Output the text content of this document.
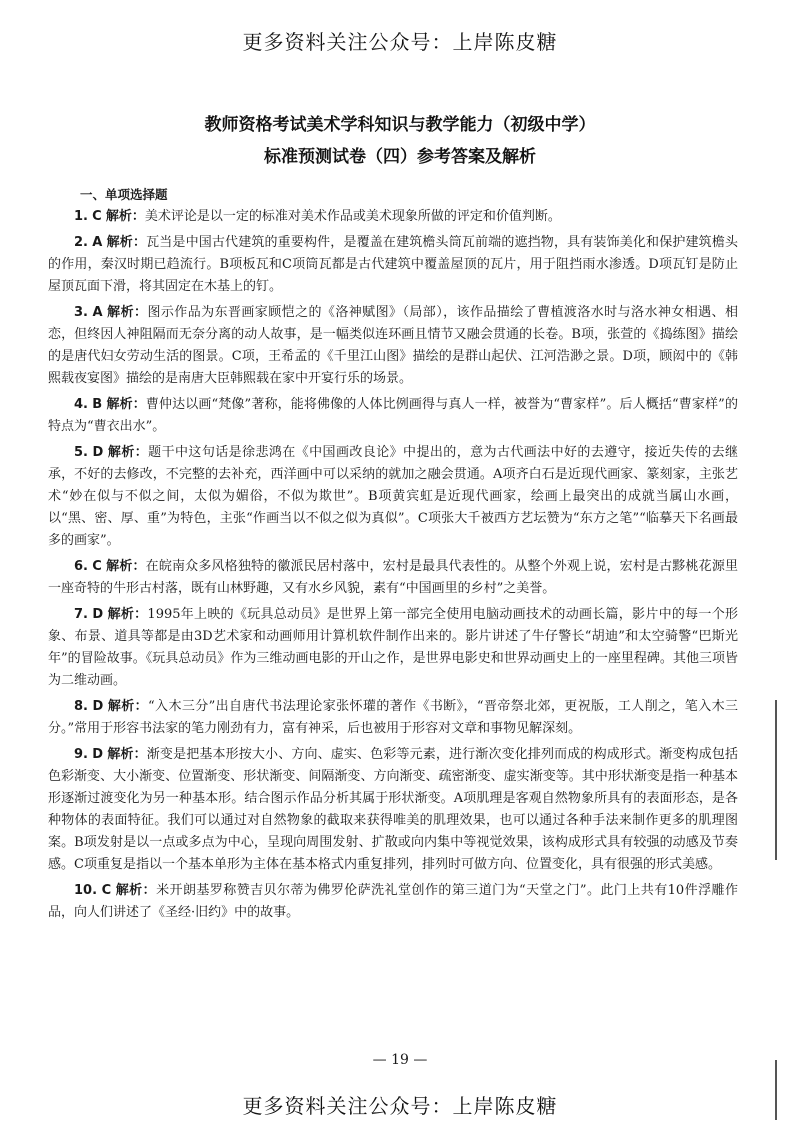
更多资料关注公众号：上岸陈皮糖
教师资格考试美术学科知识与教学能力（初级中学）
标准预测试卷（四）参考答案及解析
一、单项选择题

1. C 解析：美术评论是以一定的标准对美术作品或美术现象所做的评定和价值判断。

2. A 解析：瓦当是中国古代建筑的重要构件，是覆盖在建筑檐头筒瓦前端的遮挡物，具有装饰美化和保护建筑檐头的作用，秦汉时期已趋流行。B项板瓦和C项筒瓦都是古代建筑中覆盖屋顶的瓦片，用于阻挡雨水渗透。D项瓦钉是防止屋顶瓦面下滑，将其固定在木基上的钉。

3. A 解析：图示作品为东晋画家顾恺之的《洛神赋图》（局部），该作品描绘了曹植渡洛水时与洛水神女相遇、相恋，但终因人神阻隔而无奈分离的动人故事，是一幅类似连环画且情节又融会贯通的长卷。B项，张萱的《捣练图》描绘的是唐代妇女劳动生活的图景。C项，王希孟的《千里江山图》描绘的是群山起伏、江河浩渺之景。D项，顾闳中的《韩熙载夜宴图》描绘的是南唐大臣韩熙载在家中开宴行乐的场景。

4. B 解析：曹仲达以画“梵像”著称，能将佛像的人体比例画得与真人一样，被誉为“曹家样”。后人概括“曹家样”的特点为“曹衣出水”。

5. D 解析：题干中这句话是徐悲鸿在《中国画改良论》中提出的，意为古代画法中好的去遵守，接近失传的去继承，不好的去修改，不完整的去补充，西洋画中可以采纳的就加之融会贯通。A项齐白石是近现代画家、篆刻家，主张艺术“妙在似与不似之间，太似为媚俗，不似为欺世”。B项黄宾虹是近现代画家，绘画上最突出的成就当属山水画，以“黑、密、厚、重”为特色，主张“作画当以不似之似为真似”。C项张大千被西方艺坛赞为“东方之笔”“临摹天下名画最多的画家”。

6. C 解析：在皖南众多风格独特的徽派民居村落中，宏村是最具代表性的。从整个外观上说，宏村是古黟桃花源里一座奇特的牛形古村落，既有山林野趣，又有水乡风貌，素有“中国画里的乡村”之美誉。

7. D 解析：1995年上映的《玩具总动员》是世界上第一部完全使用电脑动画技术的动画长篇，影片中的每一个形象、布景、道具等都是由3D艺术家和动画师用计算机软件制作出来的。影片讲述了牛仔警长“胡迪”和太空骑警“巴斯光年”的冒险故事。《玩具总动员》作为三维动画电影的开山之作，是世界电影史和世界动画史上的一座里程碑。其他三项皆为二维动画。

8. D 解析：“入木三分”出自唐代书法理论家张怀瓘的著作《书断》，“晋帝祭北郊，更祝版，工人削之，笔入木三分。”常用于形容书法家的笔力刚劲有力，富有神采，后也被用于形容对文章和事物见解深刻。

9. D 解析：渐变是把基本形按大小、方向、虚实、色彩等元素，进行渐次变化排列而成的构成形式。渐变构成包括色彩渐变、大小渐变、位置渐变、形状渐变、间隔渐变、方向渐变、疏密渐变、虚实渐变等。其中形状渐变是指一种基本形逐渐过渡变化为另一种基本形。结合图示作品分析其属于形状渐变。A项肌理是客观自然物象所具有的表面形态，是各种物体的表面特征。我们可以通过对自然物象的截取来获得唯美的肌理效果，也可以通过各种手法来制作更多的肌理图案。B项发射是以一点或多点为中心，呈现向周围发射、扩散或向内集中等视觉效果，该构成形式具有较强的动感及节奏感。C项重复是指以一个基本单形为主体在基本格式内重复排列，排列时可做方向、位置变化，具有很强的形式美感。

10. C 解析：米开朗基罗称赞吉贝尔蒂为佛罗伦萨洗礼堂创作的第三道门为“天堂之门”。此门上共有10件浮雕作品，向人们讲述了《圣经·旧约》中的故事。

— 19 —
更多资料关注公众号：上岸陈皮糖
